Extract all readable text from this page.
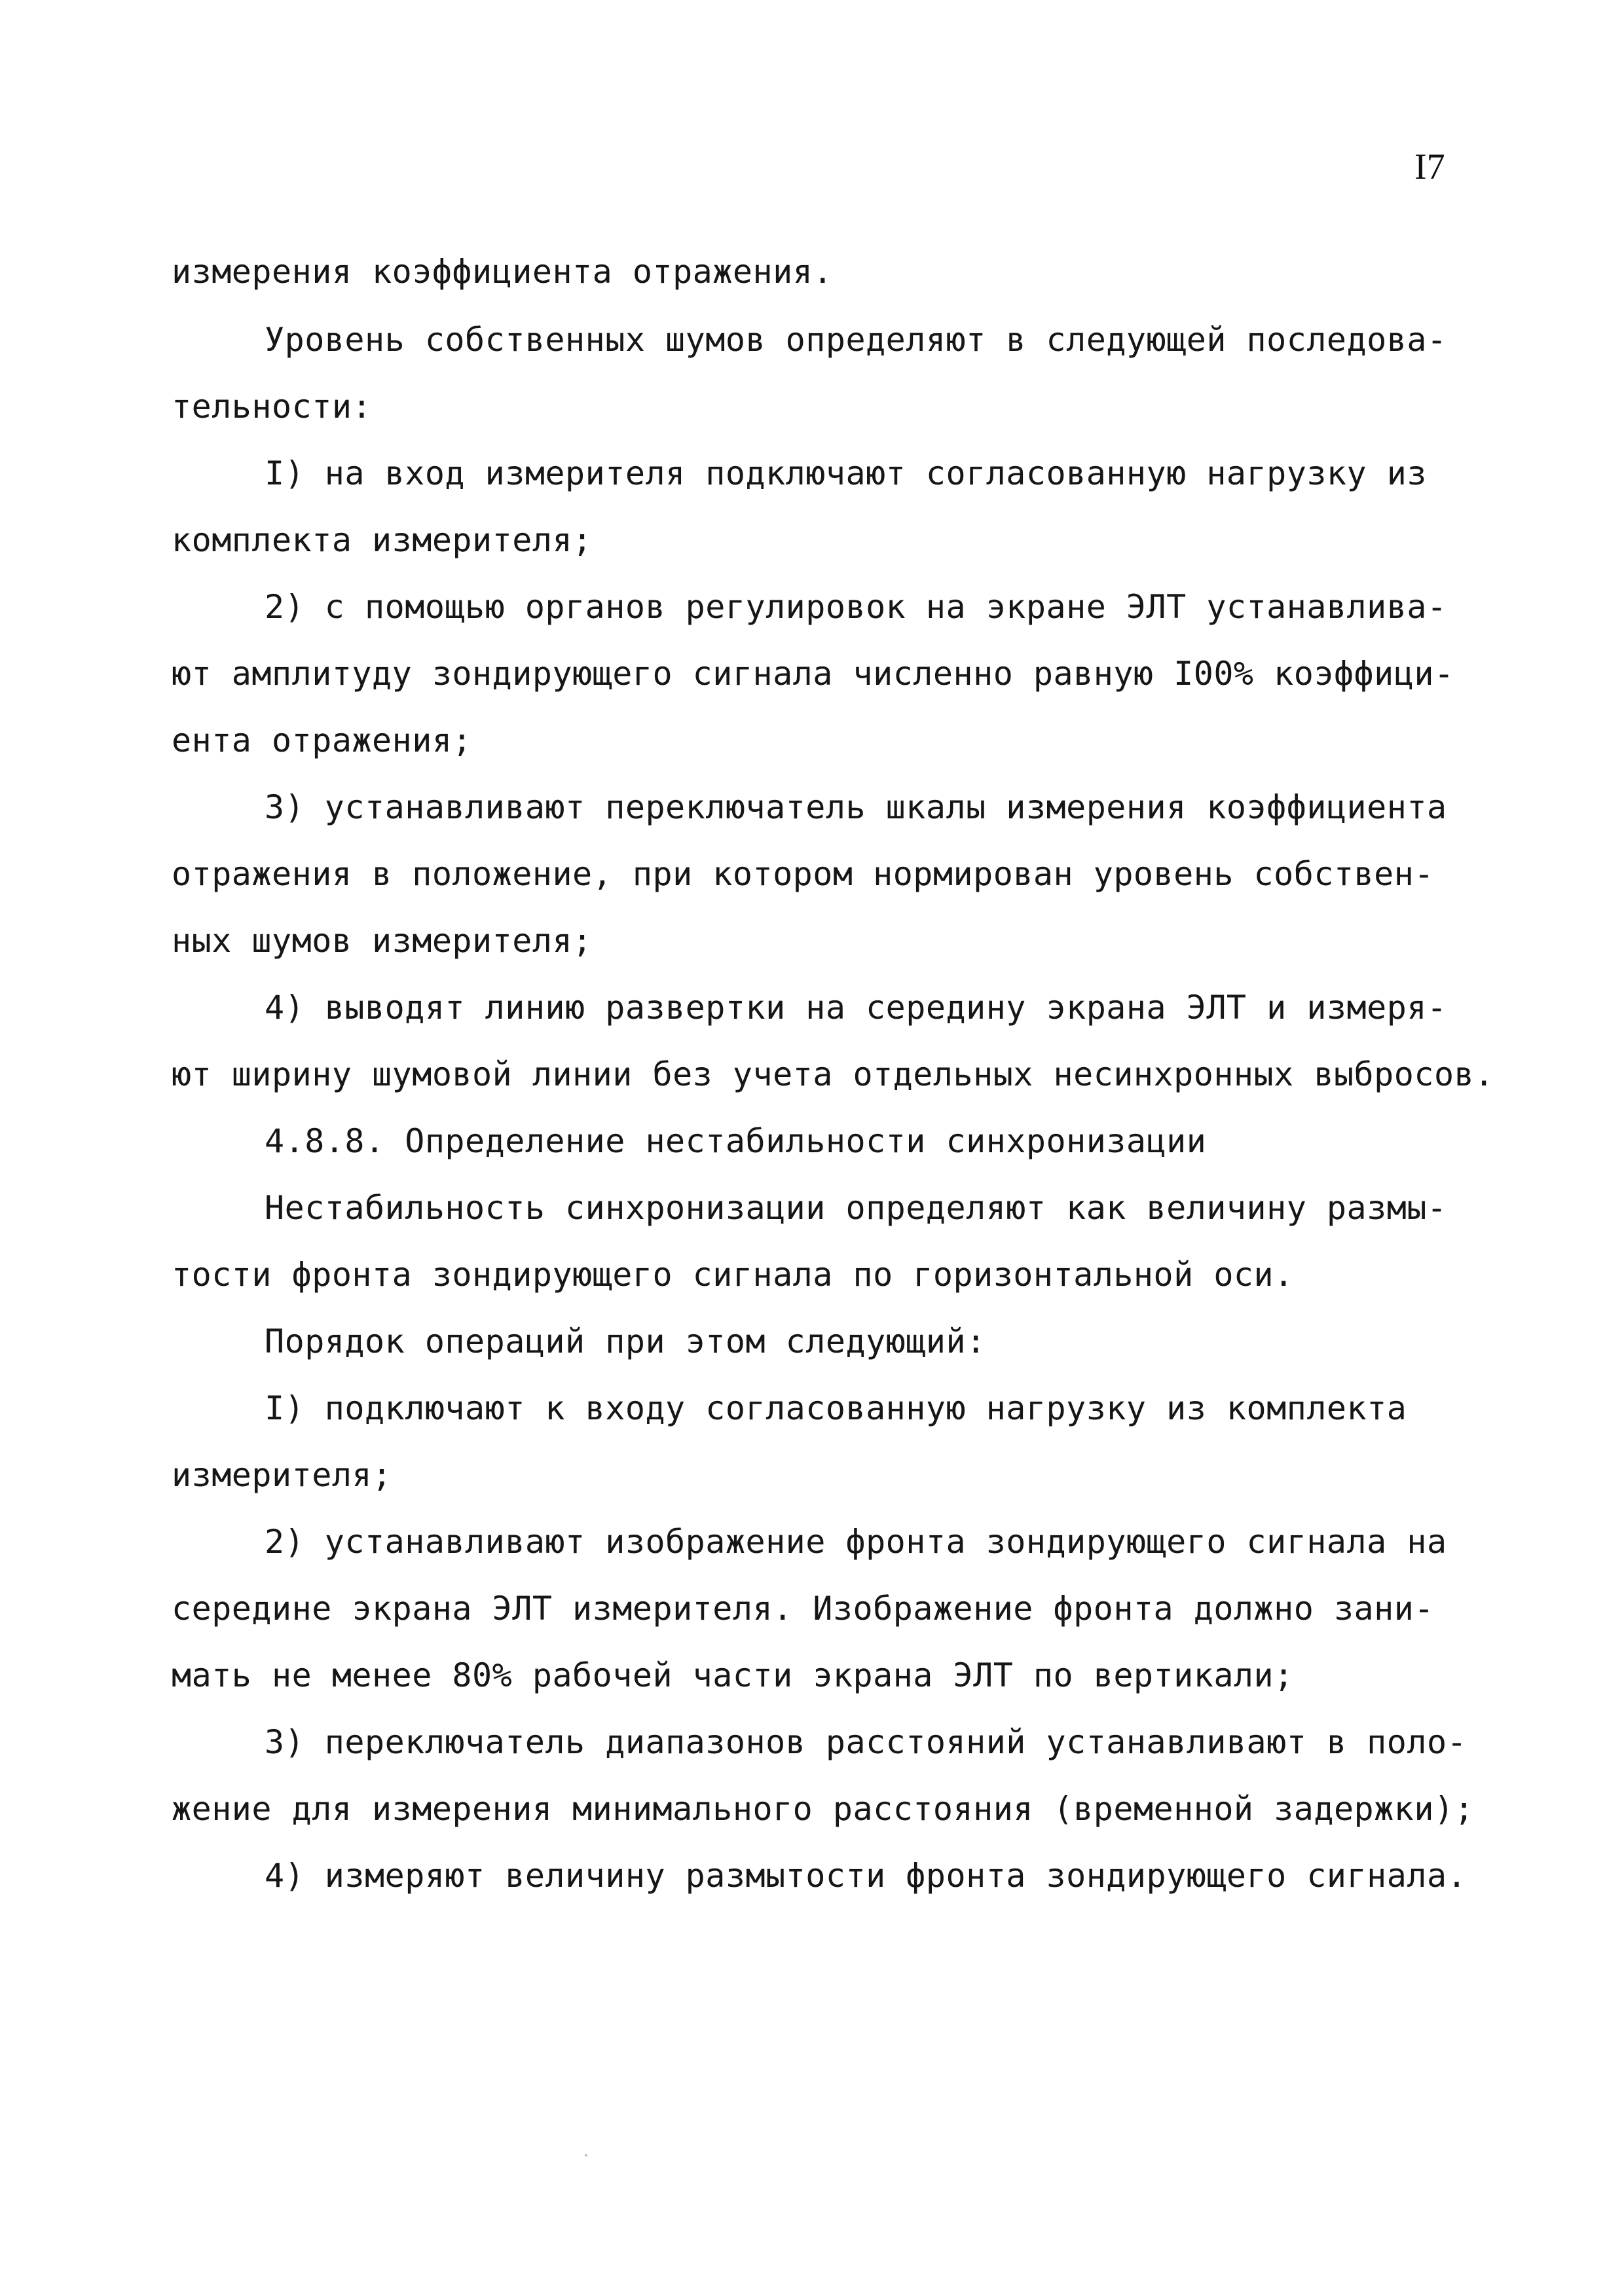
I7
измерения коэффициента отражения.
Уровень собственных шумов определяют в следующей последова-
тельности:
I) на вход измерителя подключают согласованную нагрузку из
комплекта измерителя;
2) с помощью органов регулировок на экране ЭЛТ устанавлива-
ют амплитуду зондирующего сигнала численно равную I00% коэффици-
ента отражения;
3) устанавливают переключатель шкалы измерения коэффициента
отражения в положение, при котором нормирован уровень собствен-
ных шумов измерителя;
4) выводят линию развертки на середину экрана ЭЛТ и измеря-
ют ширину шумовой линии без учета отдельных несинхронных выбросов.
4.8.8. Определение нестабильности синхронизации
Нестабильность синхронизации определяют как величину размы-
тости фронта зондирующего сигнала по горизонтальной оси.
Порядок операций при этом следующий:
I) подключают к входу согласованную нагрузку из комплекта
измерителя;
2) устанавливают изображение фронта зондирующего сигнала на
середине экрана ЭЛТ измерителя. Изображение фронта должно зани-
мать не менее 80% рабочей части экрана ЭЛТ по вертикали;
3) переключатель диапазонов расстояний устанавливают в поло-
жение для измерения минимального расстояния (временной задержки);
4) измеряют величину размытости фронта зондирующего сигнала.
